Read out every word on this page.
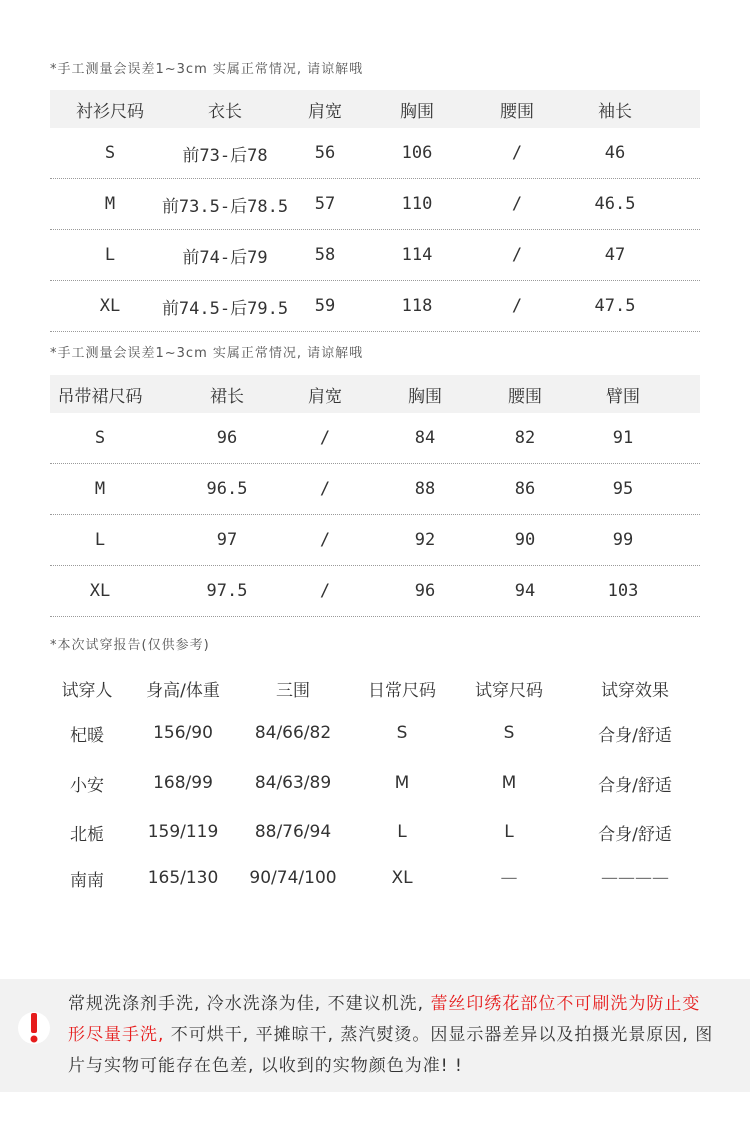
*手工测量会误差1~3cm 实属正常情况, 请谅解哦
衬衫尺码	衣长	肩宽	胸围	腰围	袖长
S	前73-后78	56	106	/	46
M	前73.5-后78.5 57	110	/	46.5
L	前74-后79	58	114	/	47
XL 前74.5-后79.5 59	118	/	47.5
*手工测量会误差1~3cm 实属正常情况, 请谅解哦
吊带裙尺码	裙长	肩宽	胸围	腰围	臂围
S	96	/	84	82	91
M	96.5	/	88	86	95
L	97	/	92	90	99
XL	97.5	/	96	94	103
*本次试穿报告(仅供参考)
试穿人 身高/体重	三围	日常尺码 试穿尺码	试穿效果
杞暖	156/90 84/66/82	S	S	合身/舒适
小安	168/99 84/63/89	M	M	合身/舒适
北栀	159/119 88/76/94	L	L	合身/舒适
南南	165/130 90/74/100	XL	—	————
常规洗涤剂手洗, 冷水洗涤为佳, 不建议机洗, 蕾丝印绣花部位不可刷洗为防止变形尽量手洗, 不可烘干, 平摊晾干, 蒸汽熨烫。因显示器差异以及拍摄光景原因, 图片与实物可能存在色差, 以收到的实物颜色为准! !
